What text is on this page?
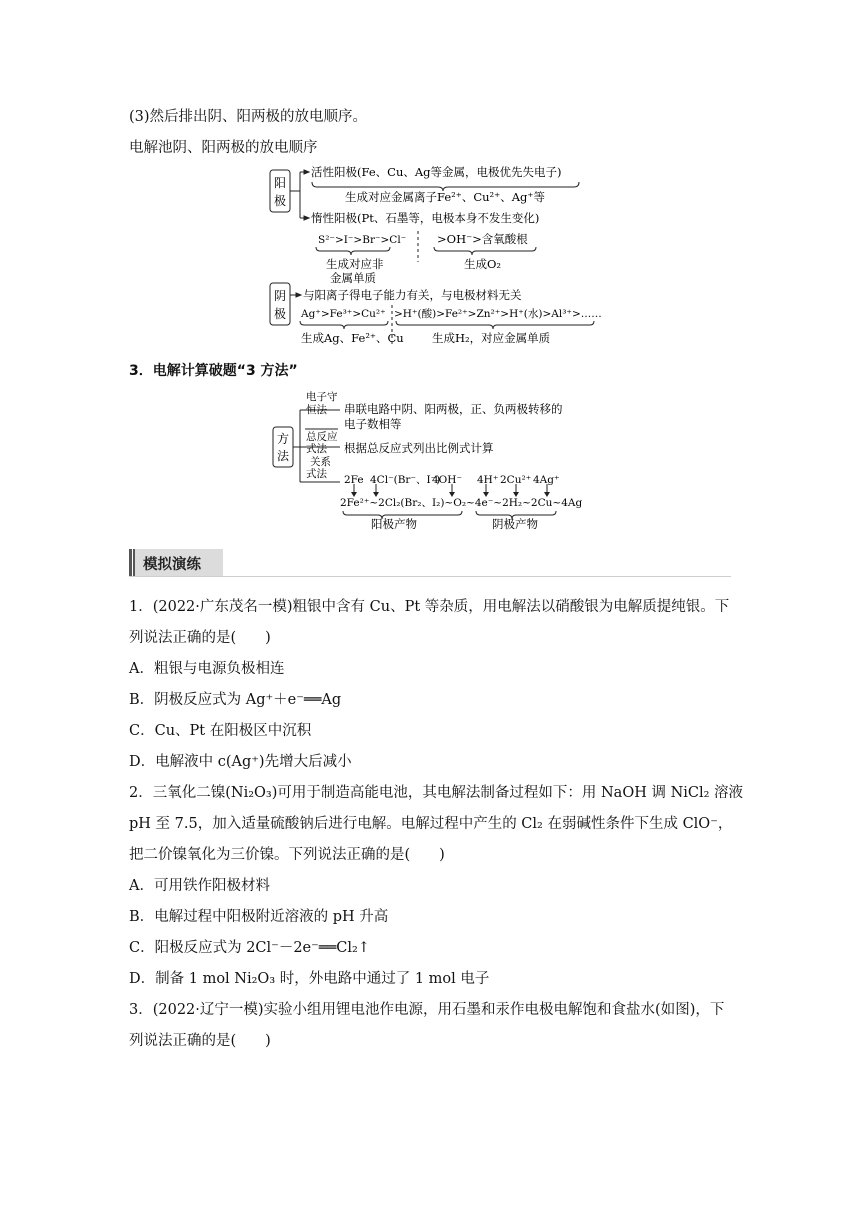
(3)然后排出阴、阳两极的放电顺序。
电解池阴、阳两极的放电顺序
阳
极
活性阳极(Fe、Cu、Ag等金属，电极优先失电子)
生成对应金属离子Fe²⁺、Cu²⁺、Ag⁺等
惰性阳极(Pt、石墨等，电极本身不发生变化)
S²⁻>I⁻>Br⁻>Cl⁻	>OH⁻>含氧酸根
生成对应非
金属单质
生成O₂
阴
极
与阳离子得电子能力有关，与电极材料无关
Ag⁺>Fe³⁺>Cu²⁺ >H⁺(酸)>Fe²⁺>Zn²⁺>H⁺(水)>Al³⁺>……
生成Ag、Fe²⁺、Cu 生成H₂，对应金属单质
3．电解计算破题“3 方法”
方
法
电子守
恒法 串联电路中阴、阳两极，正、负两极转移的
电子数相等
总反应
式法 根据总反应式列出比例式计算
关系
式法 2Fe 4Cl⁻(Br⁻、I⁻)
4OH⁻ 4H⁺ 2Cu²⁺ 4Ag⁺
2Fe²⁺~2Cl₂(Br₂、I₂)~O₂~4e⁻~2H₂~2Cu~4Ag
阳极产物	阴极产物
模拟演练
1．(2022·广东茂名一模)粗银中含有 Cu、Pt 等杂质，用电解法以硝酸银为电解质提纯银。下
列说法正确的是(　　)
A．粗银与电源负极相连
B．阴极反应式为 Ag⁺＋e⁻══Ag
C．Cu、Pt 在阳极区中沉积
D．电解液中 c(Ag⁺)先增大后减小
2．三氧化二镍(Ni₂O₃)可用于制造高能电池，其电解法制备过程如下：用 NaOH 调 NiCl₂ 溶液
pH 至 7.5，加入适量硫酸钠后进行电解。电解过程中产生的 Cl₂ 在弱碱性条件下生成 ClO⁻，
把二价镍氧化为三价镍。下列说法正确的是(　　)
A．可用铁作阳极材料
B．电解过程中阳极附近溶液的 pH 升高
C．阳极反应式为 2Cl⁻－2e⁻══Cl₂↑
D．制备 1 mol Ni₂O₃ 时，外电路中通过了 1 mol 电子
3．(2022·辽宁一模)实验小组用锂电池作电源，用石墨和汞作电极电解饱和食盐水(如图)，下
列说法正确的是(　　)
